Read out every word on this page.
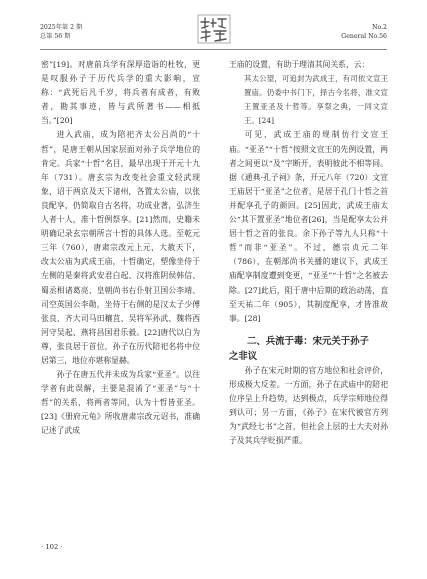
2025年第 2 期
总第 56 期
No.2
General No.56

密”[19]。对唐前兵学有深厚造诣的杜牧，更是叹服孙子于历代兵学的重大影响，宣称：“武死后凡千岁，将兵者有成者，有败者，勘其事迹，皆与武所著书——相抵当。”[20]

进入武庙，成为陪祀齐太公吕尚的“十哲”，是唐王朝从国家层面对孙子兵学地位的肯定。兵家“十哲”名目，最早出现于开元十九年（731）。唐玄宗为改变社会重文轻武现象，诏于两京及天下诸州，各置太公庙，以张良配享，仍简取自古名将，功成业著，弘济生人者十人，准十哲例祭享。[21]然而，史籍未明确记录玄宗朝所言十哲的具体人选。至乾元三年（760），唐肃宗改元上元，大赦天下，改太公庙为武成王庙，十哲确定，塑像坐侍于左侧的是秦将武安君白起、汉将淮阴侯韩信、蜀丞相诸葛亮、皇朝尚书右仆射卫国公李靖、司空英国公李勣，坐侍于右侧的是汉太子少傅张良、齐大司马田穰苴、吴将军孙武、魏将西河守吴起、燕将昌国君乐毅。[22]唐代以白为尊，张良居于首位，孙子在历代陪祀名将中位居第三，地位亦堪称显赫。

孙子在唐五代并未成为兵家“亚圣”。以往学者有此误解，主要是混淆了“亚圣”与“十哲”的关系，将两者等同，认为十哲皆亚圣。[23]《册府元龟》所收唐肃宗改元诏书，准确记述了武成

王庙的设置，有助于理清其间关系，云：

其太公望，可追封为武成王，有司依文宣王置庙。仍委中书门下，择古今名将，准文宣王置亚圣及十哲等。享祭之典，一同文宣王。[24]

可见，武成王庙的规制仿行文宣王庙。“亚圣”“十哲”按照文宣王的先例设置，两者之间更以“及”字断开，表明彼此不相等同。据《通典·孔子祠》条，开元八年（720）文宣王庙居于“亚圣”之位者，是居于孔门十哲之首并配享孔子的颜回。[25]因此，武成王庙太公“其下置亚圣”地位者[26]，当是配享太公并居十哲之首的张良。余下孙子等九人只称“十哲”而非“亚圣”。不过，德宗贞元二年（786），在朝部尚书关播的建议下，武成王庙配享制度遭到变更，“亚圣”“十哲”之名被去除。[27]此后，阻于唐中后期的政治动荡，直至天祐二年（905），其制度配享，才皆准故事。[28]

二、兵流于毒：宋元关于孙子
之非议

孙子在宋元时期的官方地位和社会评价，形成极大反差。一方面，孙子在武庙中的陪祀位序呈上升趋势，达到极点，兵学宗师地位得到认可；另一方面，《孙子》在宋代被官方列为“武经七书”之首，但社会上层的士大夫对孙子及其兵学贬损严重。

· 102 ·
